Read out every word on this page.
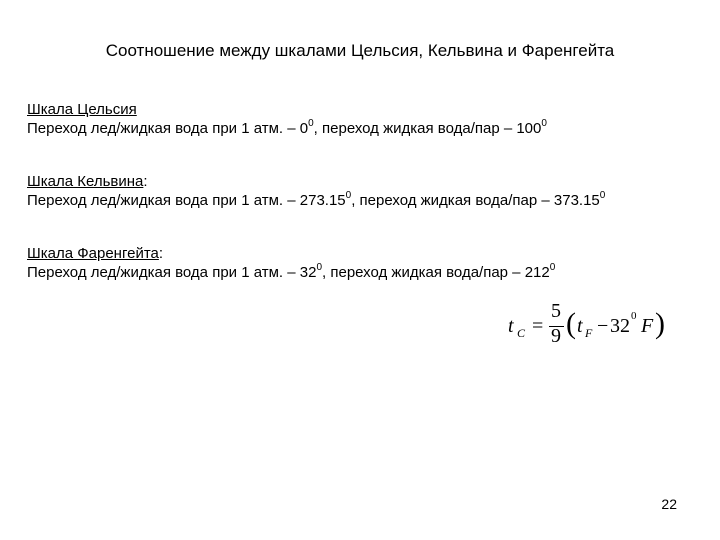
Соотношение между шкалами Цельсия, Кельвина и Фаренгейта
Шкала Цельсия
Переход лед/жидкая вода при 1 атм. – $0^0$, переход жидкая вода/пар – $100^0$
Шкала Кельвина:
Переход лед/жидкая вода при 1 атм. – 273.15$^0$, переход жидкая вода/пар – 373.15$^0$
Шкала Фаренгейта:
Переход лед/жидкая вода при 1 атм. – $32^0$, переход жидкая вода/пар – $212^0$
t C =
5
9 ( t F − 32 0 F )
22
